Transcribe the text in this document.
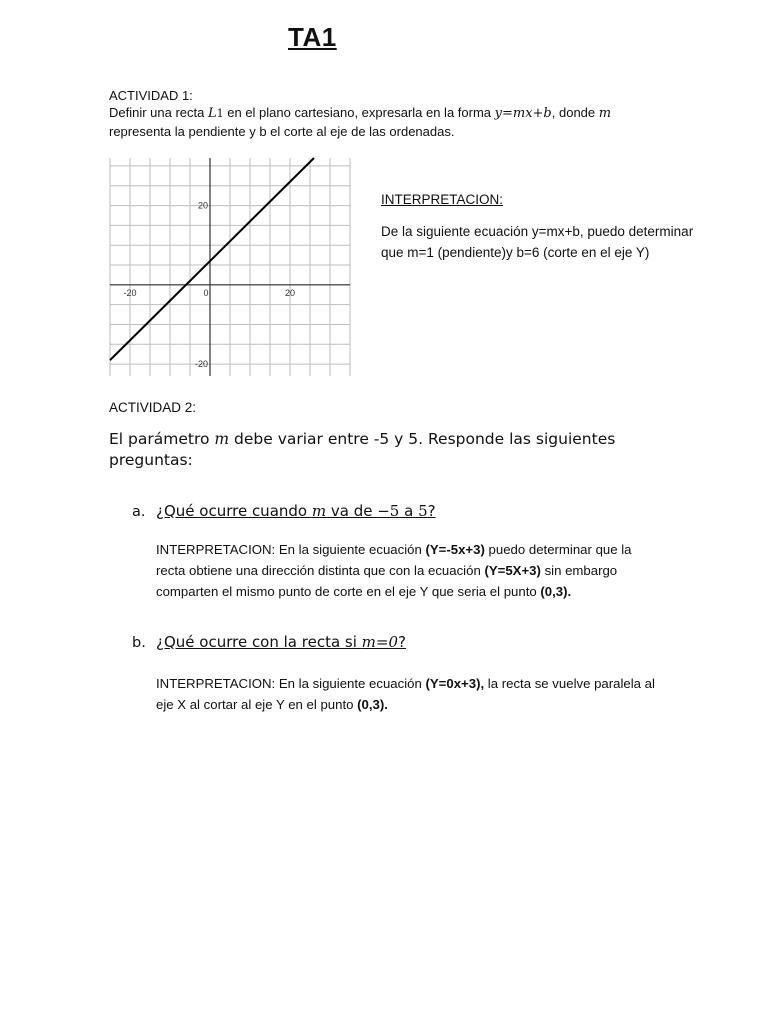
TA1
ACTIVIDAD 1:
Definir una recta L1 en el plano cartesiano, expresarla en la forma y=mx+b, donde m representa la pendiente y b el corte al eje de las ordenadas.
-20	0	20
-20
20	INTERPRETACION:
De la siguiente ecuación y=mx+b, puedo determinar que m=1 (pendiente)y b=6 (corte en el eje Y)
ACTIVIDAD 2:
El parámetro m debe variar entre -5 y 5. Responde las siguientes preguntas:
a. ¿Qué ocurre cuando m va de −5 a 5?
INTERPRETACION: En la siguiente ecuación (Y=-5x+3) puedo determinar que la recta obtiene una dirección distinta que con la ecuación (Y=5X+3) sin embargo comparten el mismo punto de corte en el eje Y que seria el punto (0,3).
b. ¿Qué ocurre con la recta si m=0?
INTERPRETACION: En la siguiente ecuación (Y=0x+3), la recta se vuelve paralela al eje X al cortar al eje Y en el punto (0,3).
